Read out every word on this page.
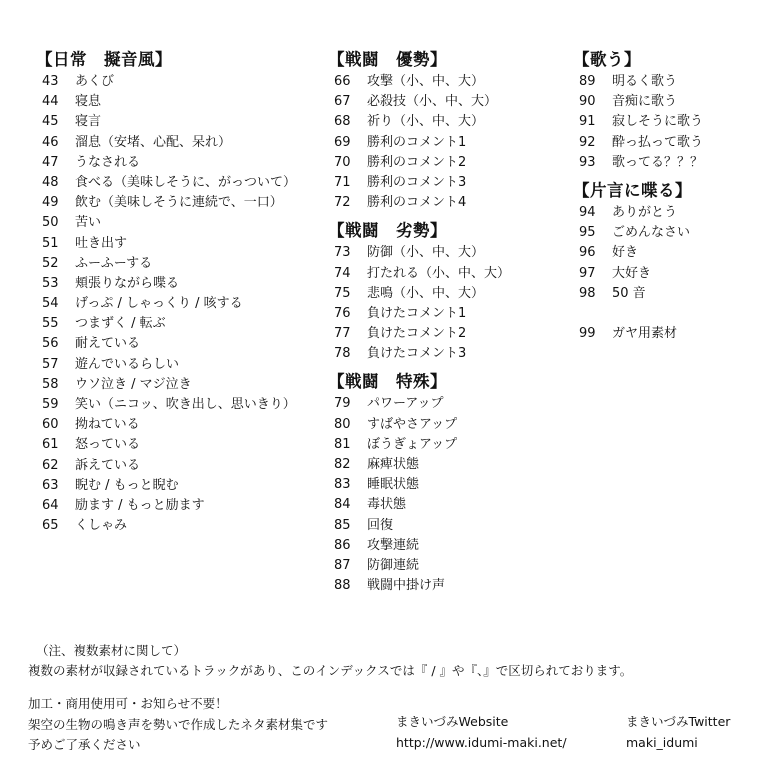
【日常　擬音風】
43	あくび
44	寝息
45	寝言
46	溜息（安堵、心配、呆れ）
47	うなされる
48	食べる（美味しそうに、がっついて）
49	飲む（美味しそうに連続で、一口）
50	苦い
51	吐き出す
52	ふーふーする
53	頬張りながら喋る
54	げっぷ / しゃっくり / 咳する
55	つまずく / 転ぶ
56	耐えている
57	遊んでいるらしい
58	ウソ泣き / マジ泣き
59	笑い（ニコッ、吹き出し、思いきり）
60	拗ねている
61	怒っている
62	訴えている
63	睨む / もっと睨む
64	励ます / もっと励ます
65	くしゃみ
【戦闘　優勢】
66	攻撃（小、中、大）
67	必殺技（小、中、大）
68	祈り（小、中、大）
69	勝利のコメント1
70	勝利のコメント2
71	勝利のコメント3
72	勝利のコメント4
【戦闘　劣勢】
73	防御（小、中、大）
74	打たれる（小、中、大）
75	悲鳴（小、中、大）
76	負けたコメント1
77	負けたコメント2
78	負けたコメント3
【戦闘　特殊】
79	パワーアップ
80	すばやさアップ
81	ぼうぎょアップ
82	麻痺状態
83	睡眠状態
84	毒状態
85	回復
86	攻撃連続
87	防御連続
88	戦闘中掛け声
【歌う】
89	明るく歌う
90	音痴に歌う
91	寂しそうに歌う
92	酔っ払って歌う
93	歌ってる？？？
【片言に喋る】
94	ありがとう
95	ごめんなさい
96	好き
97	大好き
98	50 音
99	ガヤ用素材
（注、複数素材に関して）
複数の素材が収録されているトラックがあり、このインデックスでは『 / 』や『、』で区切られております。
加工・商用使用可・お知らせ不要！
架空の生物の鳴き声を勢いで作成したネタ素材集です
予めご了承ください
まきいづみWebsite
http://www.idumi-maki.net/
まきいづみTwitter
maki_idumi
